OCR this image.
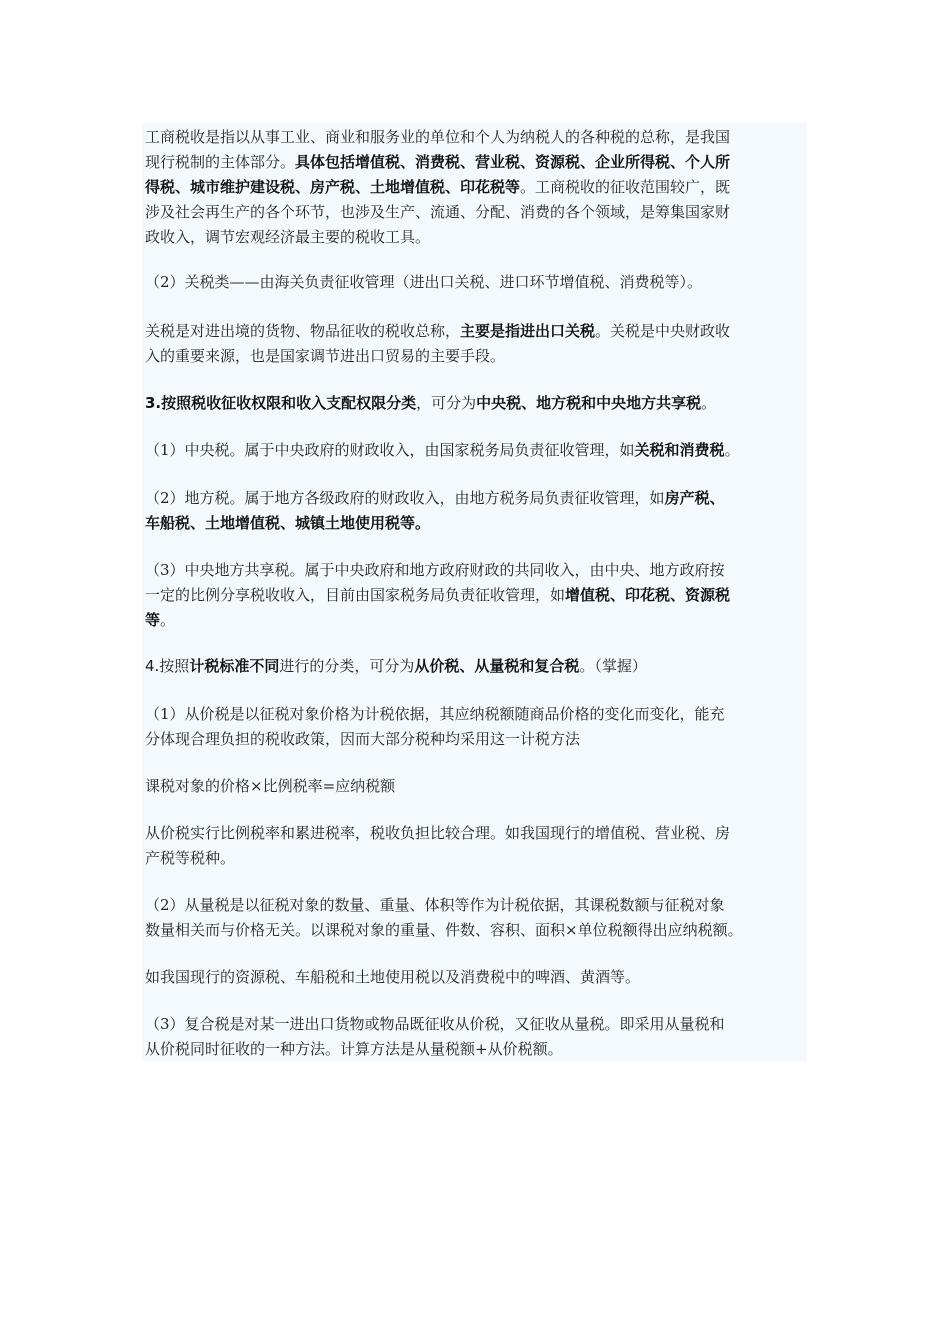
工商税收是指以从事工业、商业和服务业的单位和个人为纳税人的各种税的总称，是我国
现行税制的主体部分。具体包括增值税、消费税、营业税、资源税、企业所得税、个人所
得税、城市维护建设税、房产税、土地增值税、印花税等。工商税收的征收范围较广，既
涉及社会再生产的各个环节，也涉及生产、流通、分配、消费的各个领域，是筹集国家财
政收入，调节宏观经济最主要的税收工具。
（2）关税类——由海关负责征收管理（进出口关税、进口环节增值税、消费税等）。
关税是对进出境的货物、物品征收的税收总称，主要是指进出口关税。关税是中央财政收
入的重要来源，也是国家调节进出口贸易的主要手段。
3.按照税收征收权限和收入支配权限分类，可分为中央税、地方税和中央地方共享税。
（1）中央税。属于中央政府的财政收入，由国家税务局负责征收管理，如关税和消费税。
（2）地方税。属于地方各级政府的财政收入，由地方税务局负责征收管理，如房产税、
车船税、土地增值税、城镇土地使用税等。
（3）中央地方共享税。属于中央政府和地方政府财政的共同收入，由中央、地方政府按
一定的比例分享税收收入，目前由国家税务局负责征收管理，如增值税、印花税、资源税
等。
4.按照计税标准不同进行的分类，可分为从价税、从量税和复合税。（掌握）
（1）从价税是以征税对象价格为计税依据，其应纳税额随商品价格的变化而变化，能充
分体现合理负担的税收政策，因而大部分税种均采用这一计税方法
课税对象的价格×比例税率=应纳税额
从价税实行比例税率和累进税率，税收负担比较合理。如我国现行的增值税、营业税、房
产税等税种。
（2）从量税是以征税对象的数量、重量、体积等作为计税依据，其课税数额与征税对象
数量相关而与价格无关。以课税对象的重量、件数、容积、面积×单位税额得出应纳税额。
如我国现行的资源税、车船税和土地使用税以及消费税中的啤酒、黄酒等。
（3）复合税是对某一进出口货物或物品既征收从价税，又征收从量税。即采用从量税和
从价税同时征收的一种方法。计算方法是从量税额+从价税额。
